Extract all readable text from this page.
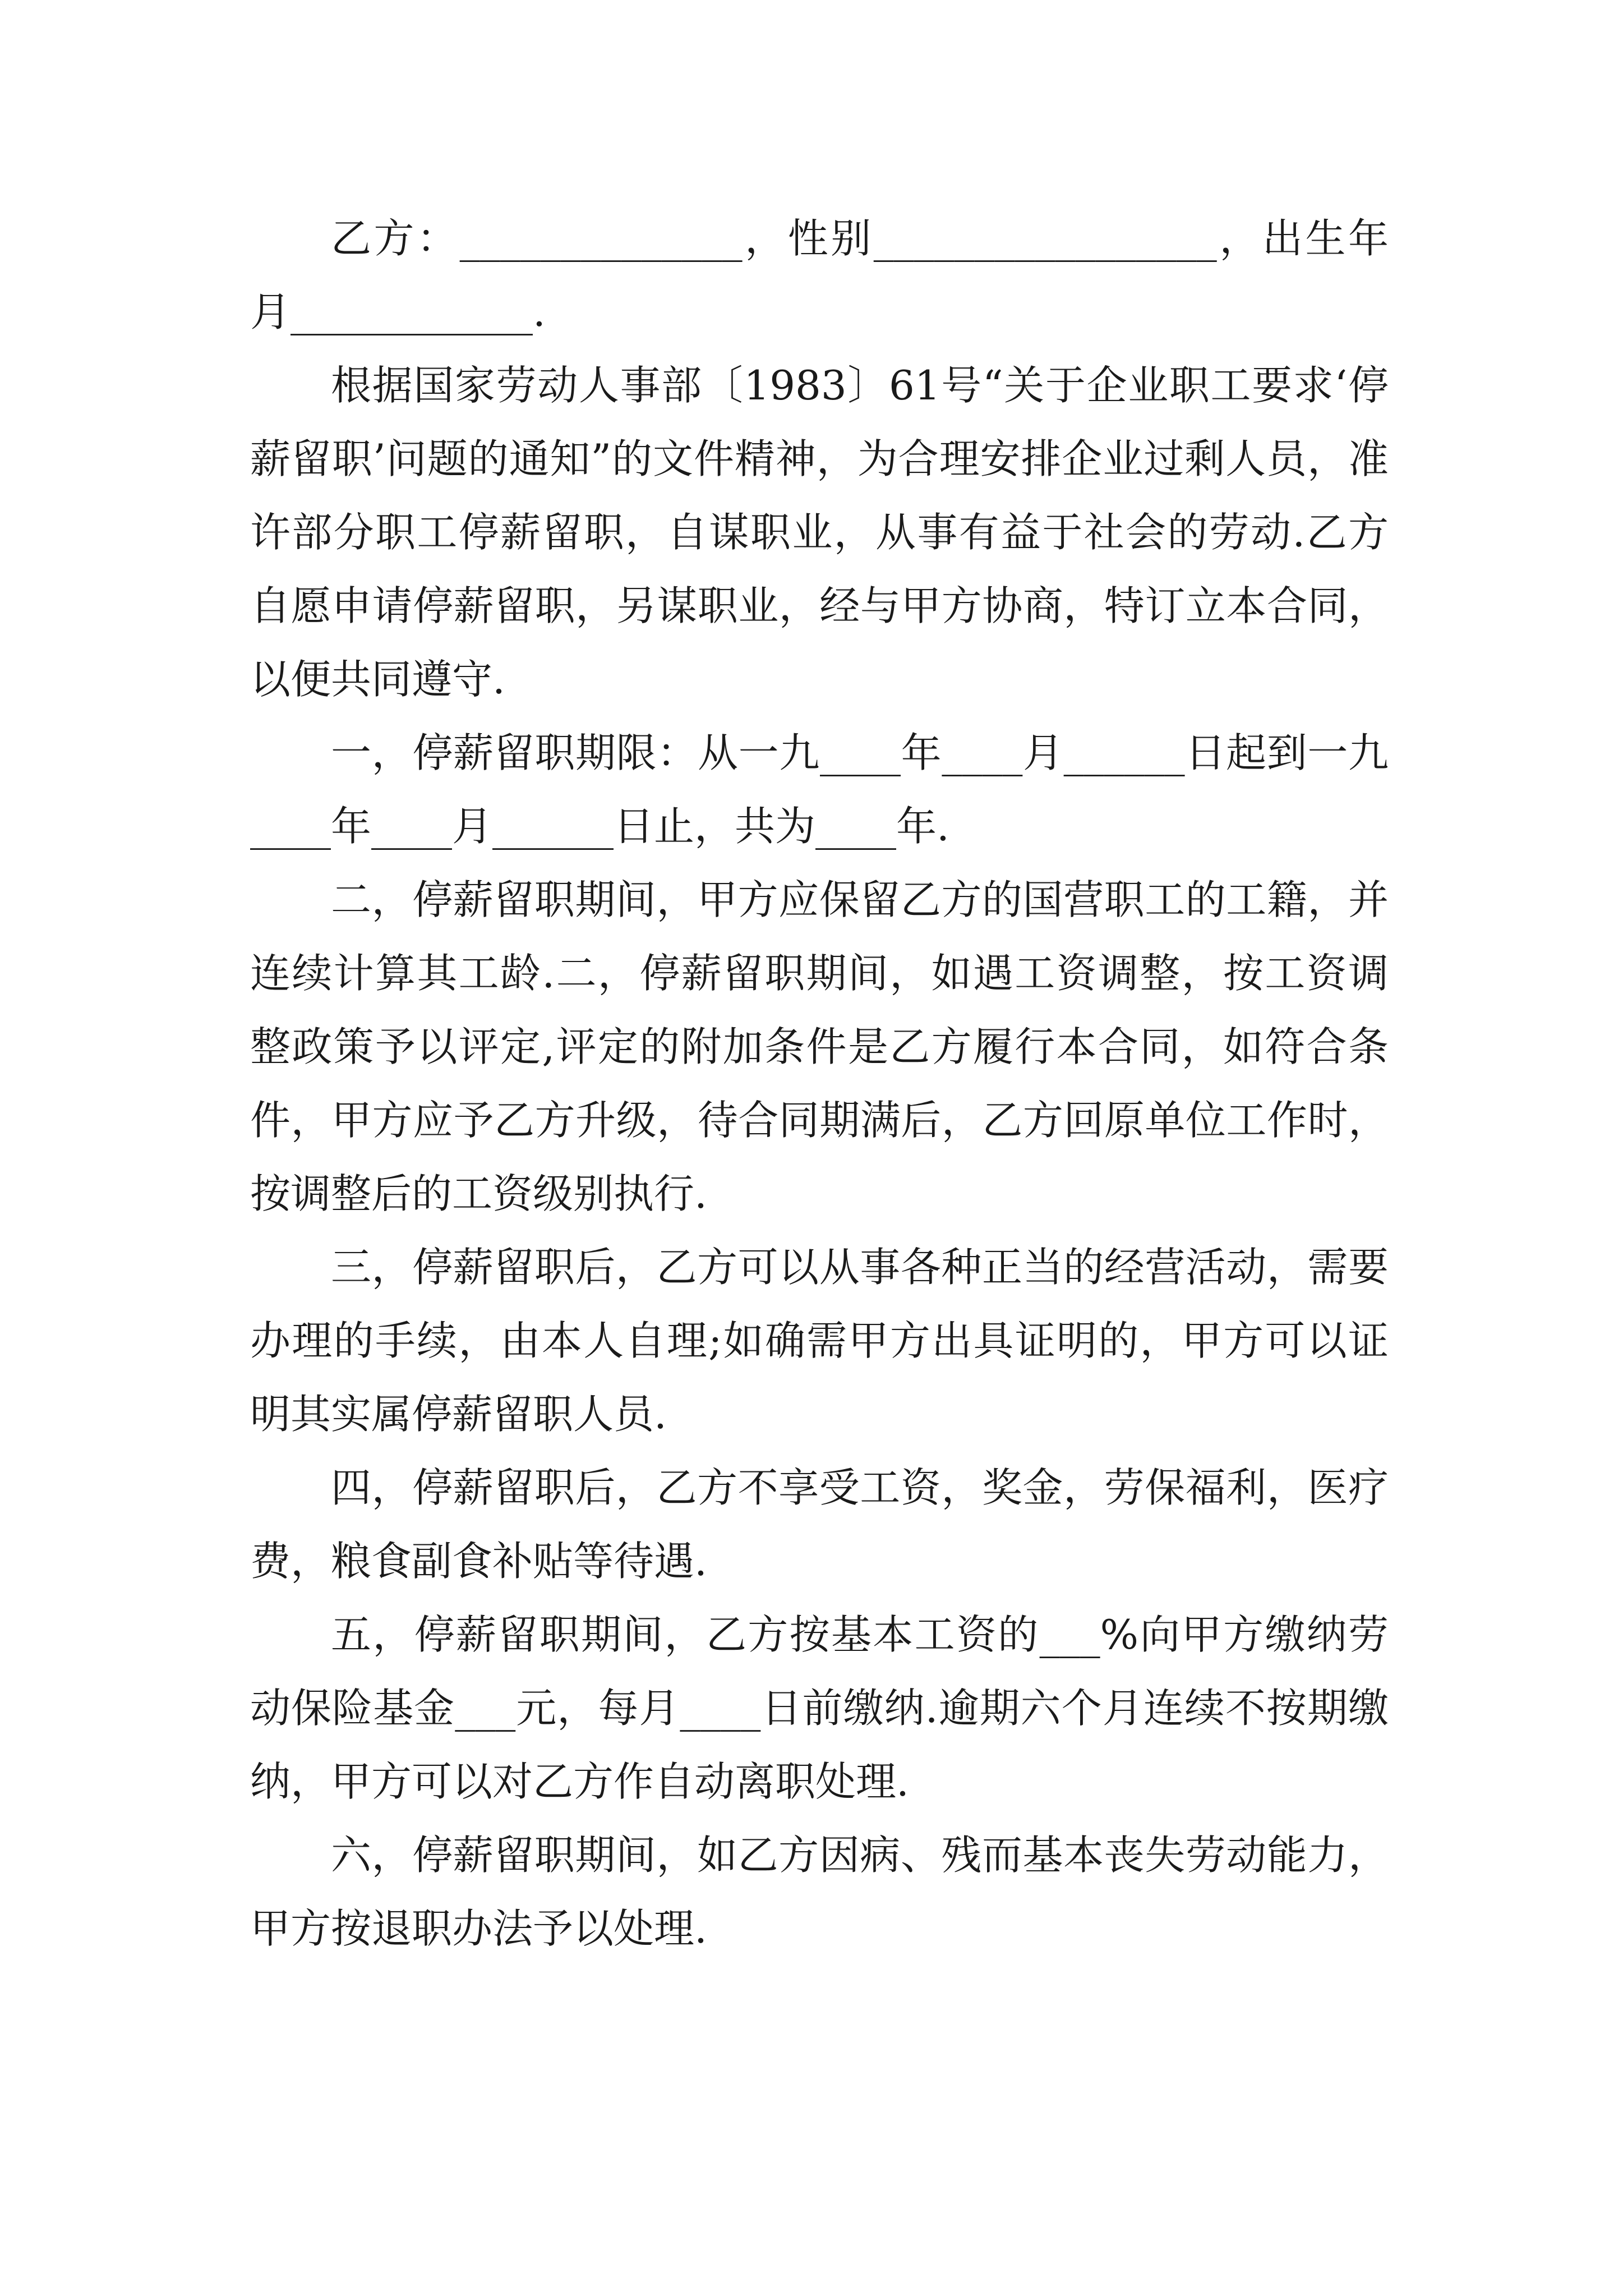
乙方：______________，性别_________________，出生年月____________.

根据国家劳动人事部〔1983〕61号“关于企业职工要求‘停薪留职’问题的通知”的文件精神，为合理安排企业过剩人员，准许部分职工停薪留职，自谋职业，从事有益于社会的劳动.乙方自愿申请停薪留职，另谋职业，经与甲方协商，特订立本合同，以便共同遵守.

一，停薪留职期限：从一九____年____月______日起到一九____年____月______日止，共为____年.

二，停薪留职期间，甲方应保留乙方的国营职工的工籍，并连续计算其工龄.二，停薪留职期间，如遇工资调整，按工资调整政策予以评定,评定的附加条件是乙方履行本合同，如符合条件，甲方应予乙方升级，待合同期满后，乙方回原单位工作时，按调整后的工资级别执行.

三，停薪留职后，乙方可以从事各种正当的经营活动，需要办理的手续，由本人自理;如确需甲方出具证明的，甲方可以证明其实属停薪留职人员.

四，停薪留职后，乙方不享受工资，奖金，劳保福利，医疗费，粮食副食补贴等待遇.

五，停薪留职期间，乙方按基本工资的___%向甲方缴纳劳动保险基金___元，每月____日前缴纳.逾期六个月连续不按期缴纳，甲方可以对乙方作自动离职处理.

六，停薪留职期间，如乙方因病、残而基本丧失劳动能力，甲方按退职办法予以处理.
